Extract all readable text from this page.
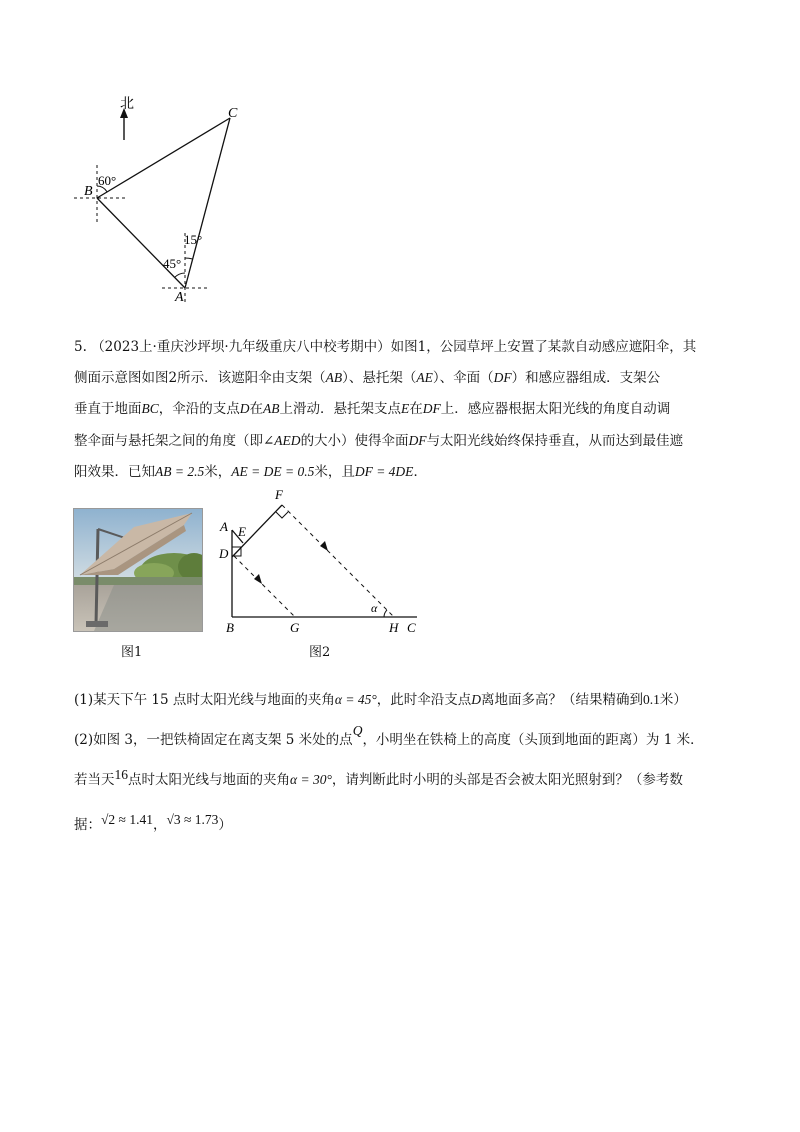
北
C
B
A
60°
45°
15°
5. （2023上·重庆沙坪坝·九年级重庆八中校考期中）如图1，公园草坪上安置了某款自动感应遮阳伞，其
侧面示意图如图2所示．该遮阳伞由支架（AB）、悬托架（AE）、伞面（DF）和感应器组成．支架公
垂直于地面BC，伞沿的支点D在AB上滑动．悬托架支点E在DF上．感应器根据太阳光线的角度自动调
整伞面与悬托架之间的角度（即∠AED的大小）使得伞面DF与太阳光线始终保持垂直，从而达到最佳遮
阳效果．已知AB = 2.5米，AE = DE = 0.5米，且DF = 4DE．
图1
F
A E
D
B	G	H C
α
图2
(1)某天下午 15 点时太阳光线与地面的夹角α = 45°，此时伞沿支点D离地面多高？（结果精确到0.1米）
(2)如图 3，一把铁椅固定在离支架 5 米处的点Q，小明坐在铁椅上的高度（头顶到地面的距离）为 1 米．
若当天16点时太阳光线与地面的夹角α = 30°，请判断此时小明的头部是否会被太阳光照射到？（参考数
据：√2 ≈ 1.41，√3 ≈ 1.73）
